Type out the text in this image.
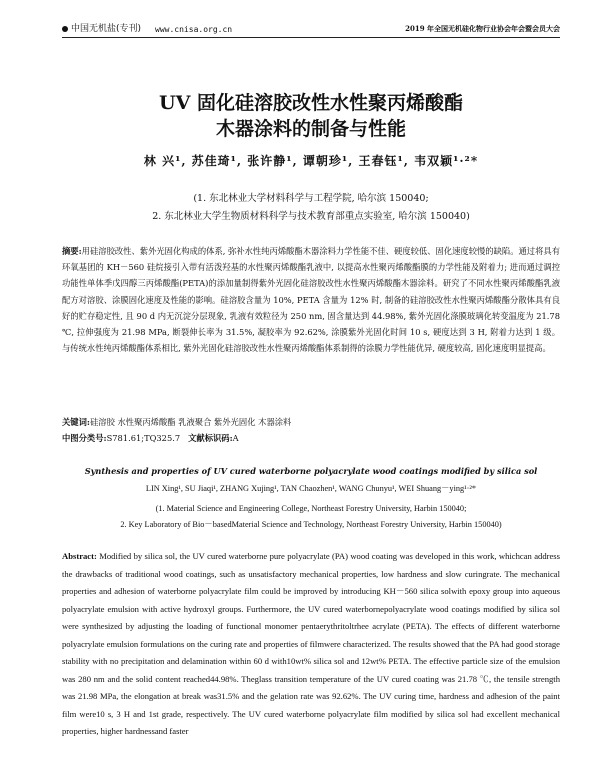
中国无机盐(专刊) www.cnisa.org.cn	2019 年全国无机硅化物行业协会年会暨会员大会
UV 固化硅溶胶改性水性聚丙烯酸酯
木器涂料的制备与性能
林 兴¹, 苏佳琦¹, 张许静¹, 谭朝珍¹, 王春钰¹, 韦双颖¹·²*
(1. 东北林业大学材料科学与工程学院, 哈尔滨 150040;
2. 东北林业大学生物质材料科学与技术教育部重点实验室, 哈尔滨 150040)
摘要:用硅溶胶改性、紫外光固化构成的体系, 弥补水性纯丙烯酸酯木器涂料力学性能不佳、硬度较低、固化速度较慢的缺陷。通过将具有环氧基团的 KH－560 硅烷接引入带有活泼羟基的水性聚丙烯酸酯乳液中, 以提高水性聚丙烯酸酯膜的力学性能及附着力; 进而通过调控功能性单体季戊四醇三丙烯酸酯(PETA)的添加量制得紫外光固化硅溶胶改性水性聚丙烯酸酯木器涂料。研究了不同水性聚丙烯酸酯乳液配方对溶胶、涂膜固化速度及性能的影响。硅溶胶含量为 10%, PETA 含量为 12% 时, 制备的硅溶胶改性水性聚丙烯酸酯分散体具有良好的贮存稳定性, 且 90 d 内无沉淀分层现象, 乳液有效粒径为 250 nm, 固含量达到 44.98%, 紫外光固化涤膜玻璃化转变温度为 21.78 ℃, 拉伸强度为 21.98 MPa, 断裂伸长率为 31.5%, 凝胶率为 92.62%, 涂膜紫外光固化时间 10 s, 硬度达到 3 H, 附着力达到 1 级。与传统水性纯丙烯酸酯体系相比, 紫外光固化硅溶胶改性水性聚丙烯酸酯体系制得的涂膜力学性能优异, 硬度较高, 固化速度明显提高。
关键词:硅溶胶 水性聚丙烯酸酯 乳液聚合 紫外光固化 木器涂料
中图分类号:S781.61;TQ325.7 文献标识码:A
Synthesis and properties of UV cured waterborne polyacrylate wood coatings modified by silica sol
LIN Xing¹, SU Jiaqi¹, ZHANG Xujing¹, TAN Chaozhen¹, WANG Chunyu¹, WEI Shuang－ying¹·²*
(1. Material Science and Engineering College, Northeast Forestry University, Harbin 150040;
2. Key Laboratory of Bio－basedMaterial Science and Technology, Northeast Forestry University, Harbin 150040)
Abstract: Modified by silica sol, the UV cured waterborne pure polyacrylate (PA) wood coating was developed in this work, whichcan address the drawbacks of traditional wood coatings, such as unsatisfactory mechanical properties, low hardness and slow curingrate. The mechanical properties and adhesion of waterborne polyacrylate film could be improved by introducing KH－560 silica solwith epoxy group into aqueous polyacrylate emulsion with active hydroxyl groups. Furthermore, the UV cured waterbornepolyacrylate wood coatings modified by silica sol were synthesized by adjusting the loading of functional monomer pentaerythritoltrhee acrylate (PETA). The effects of different waterborne polyacrylate emulsion formulations on the curing rate and properties of filmwere characterized. The results showed that the PA had good storage stability with no precipitation and delamination within 60 d with10wt% silica sol and 12wt% PETA. The effective particle size of the emulsion was 280 nm and the solid content reached44.98%. Theglass transition temperature of the UV cured coating was 21.78 ℃, the tensile strength was 21.98 MPa, the elongation at break was31.5% and the gelation rate was 92.62%. The UV curing time, hardness and adhesion of the paint film were10 s, 3 H and 1st grade, respectively. The UV cured waterborne polyacrylate film modified by silica sol had excellent mechanical properties, higher hardnessand faster
